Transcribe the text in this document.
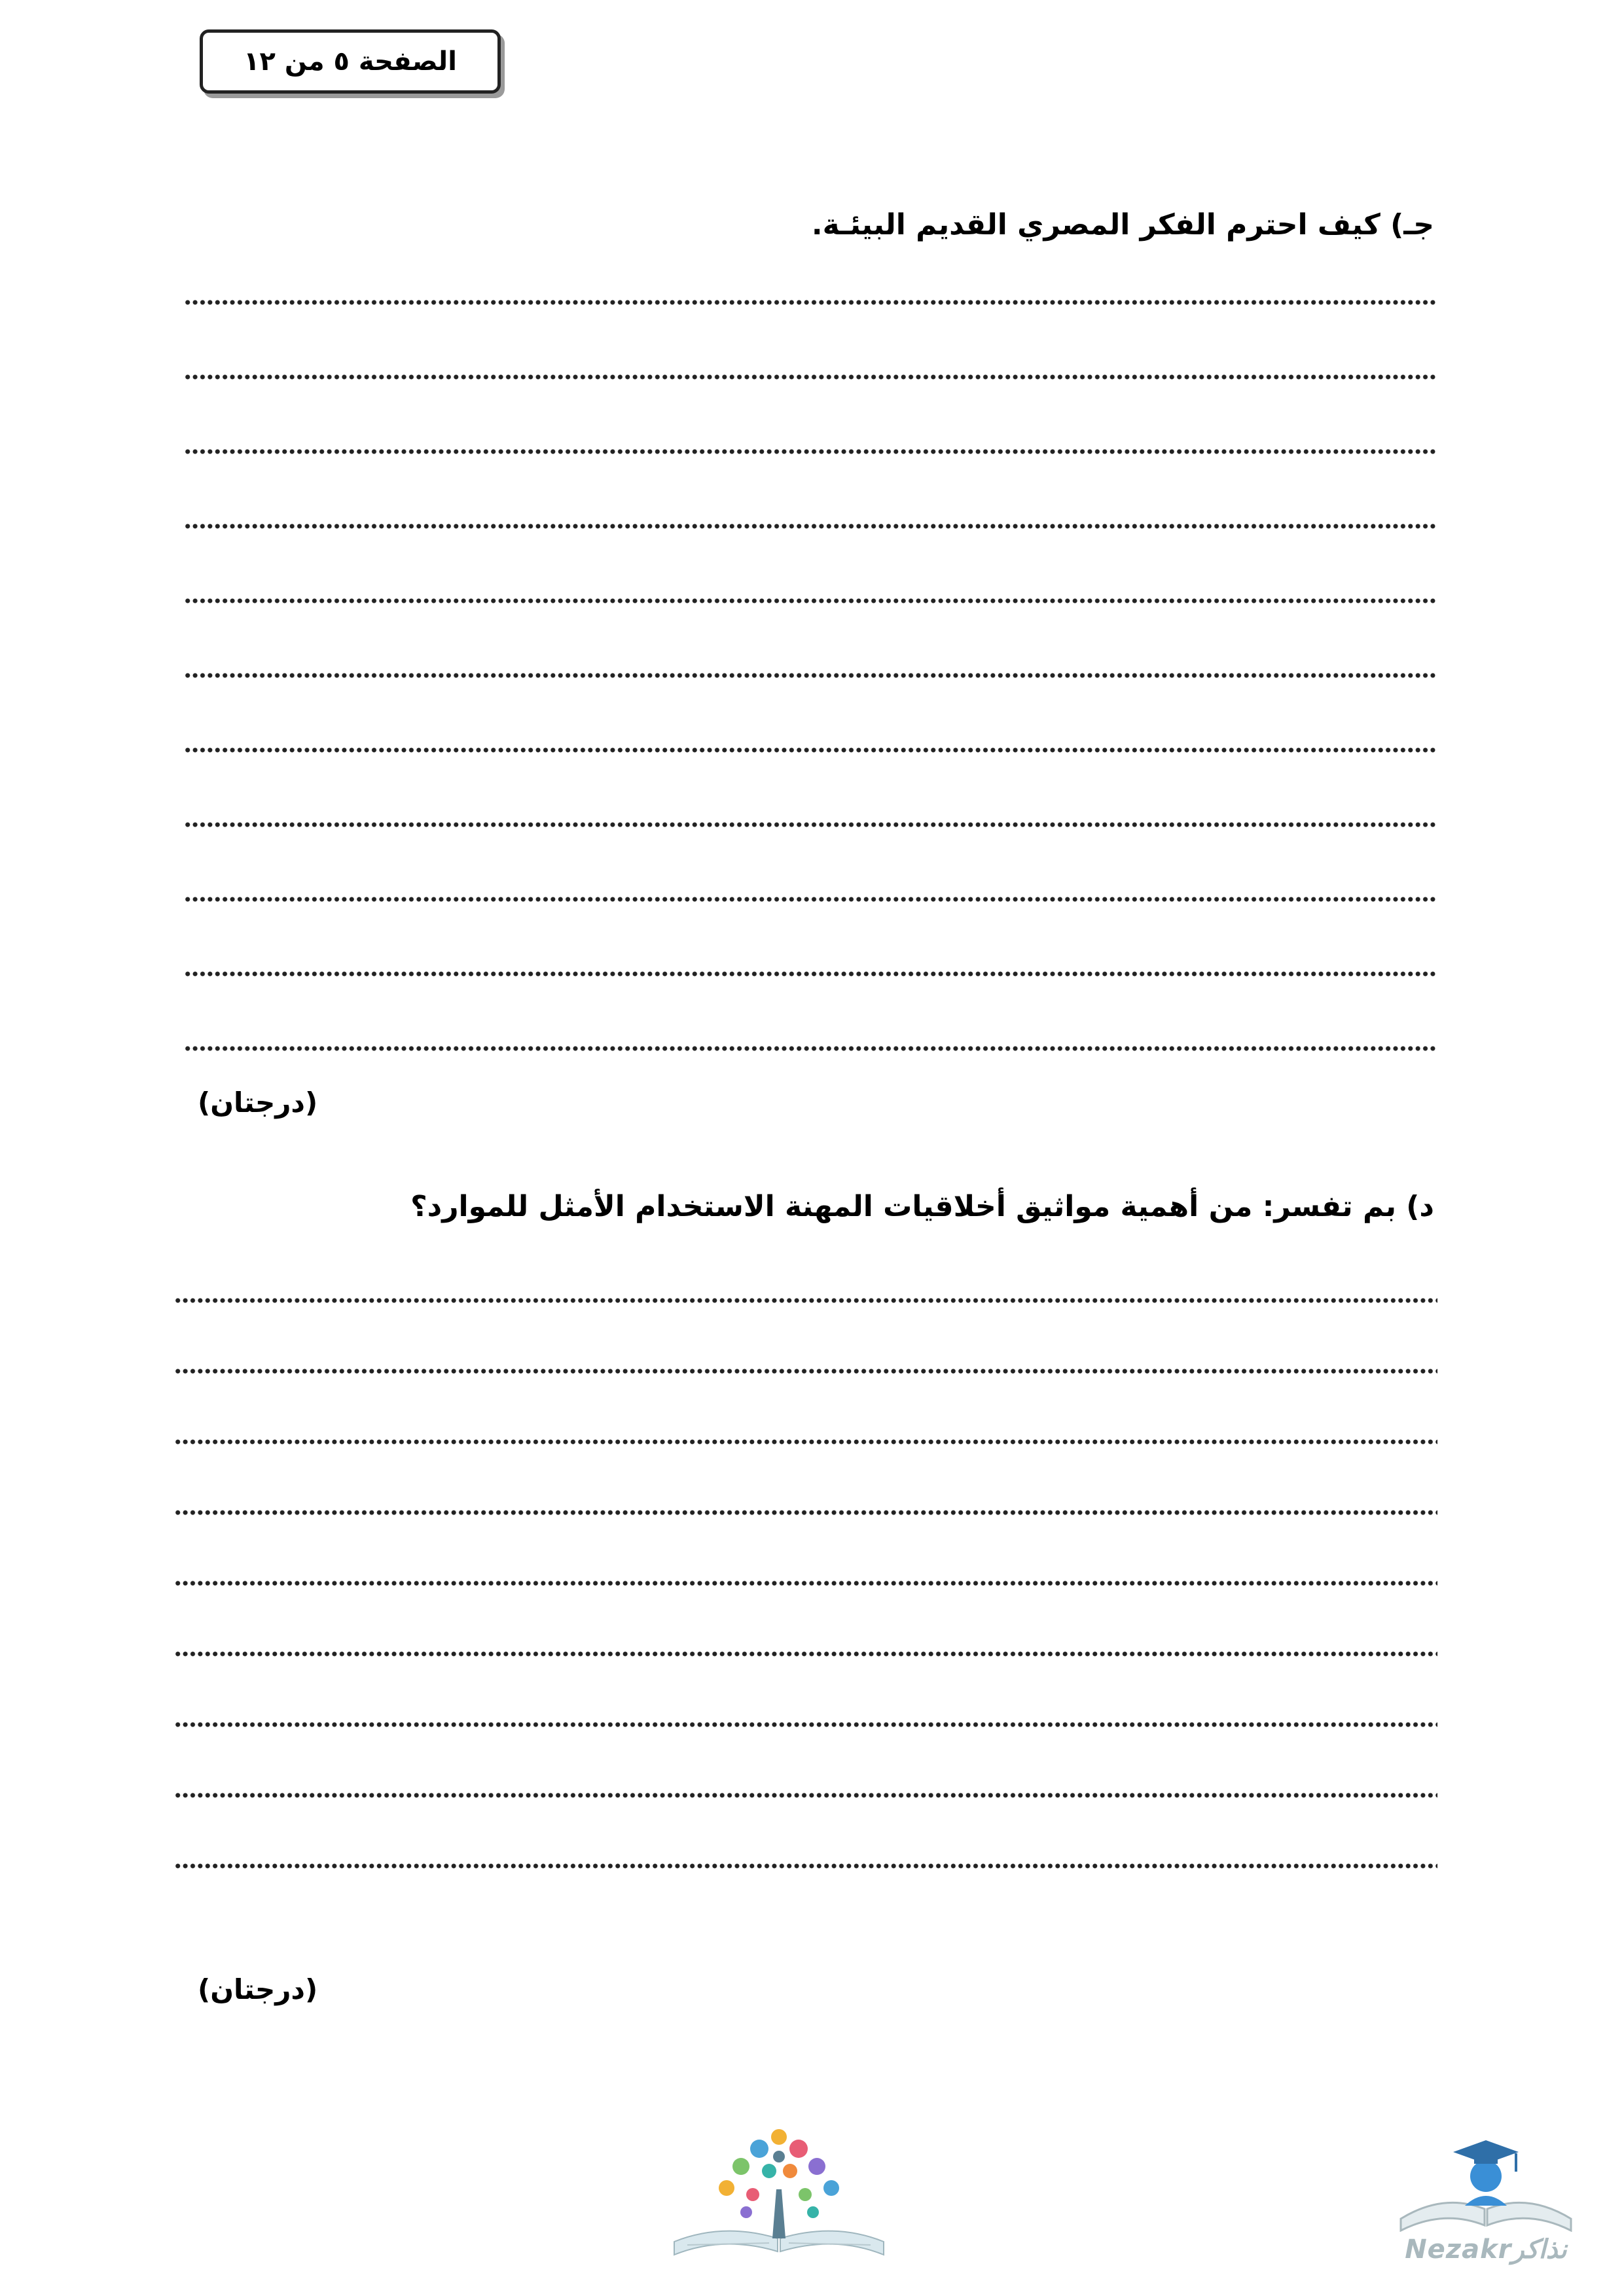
الصفحة ٥ من ١٢
جـ) كيف احترم الفكر المصري القديم البيئـة.
(درجتان)
د) بم تفسر: من أهمية مواثيق أخلاقيات المهنة الاستخدام الأمثل للموارد؟
(درجتان)
Nezakrنذاكر
